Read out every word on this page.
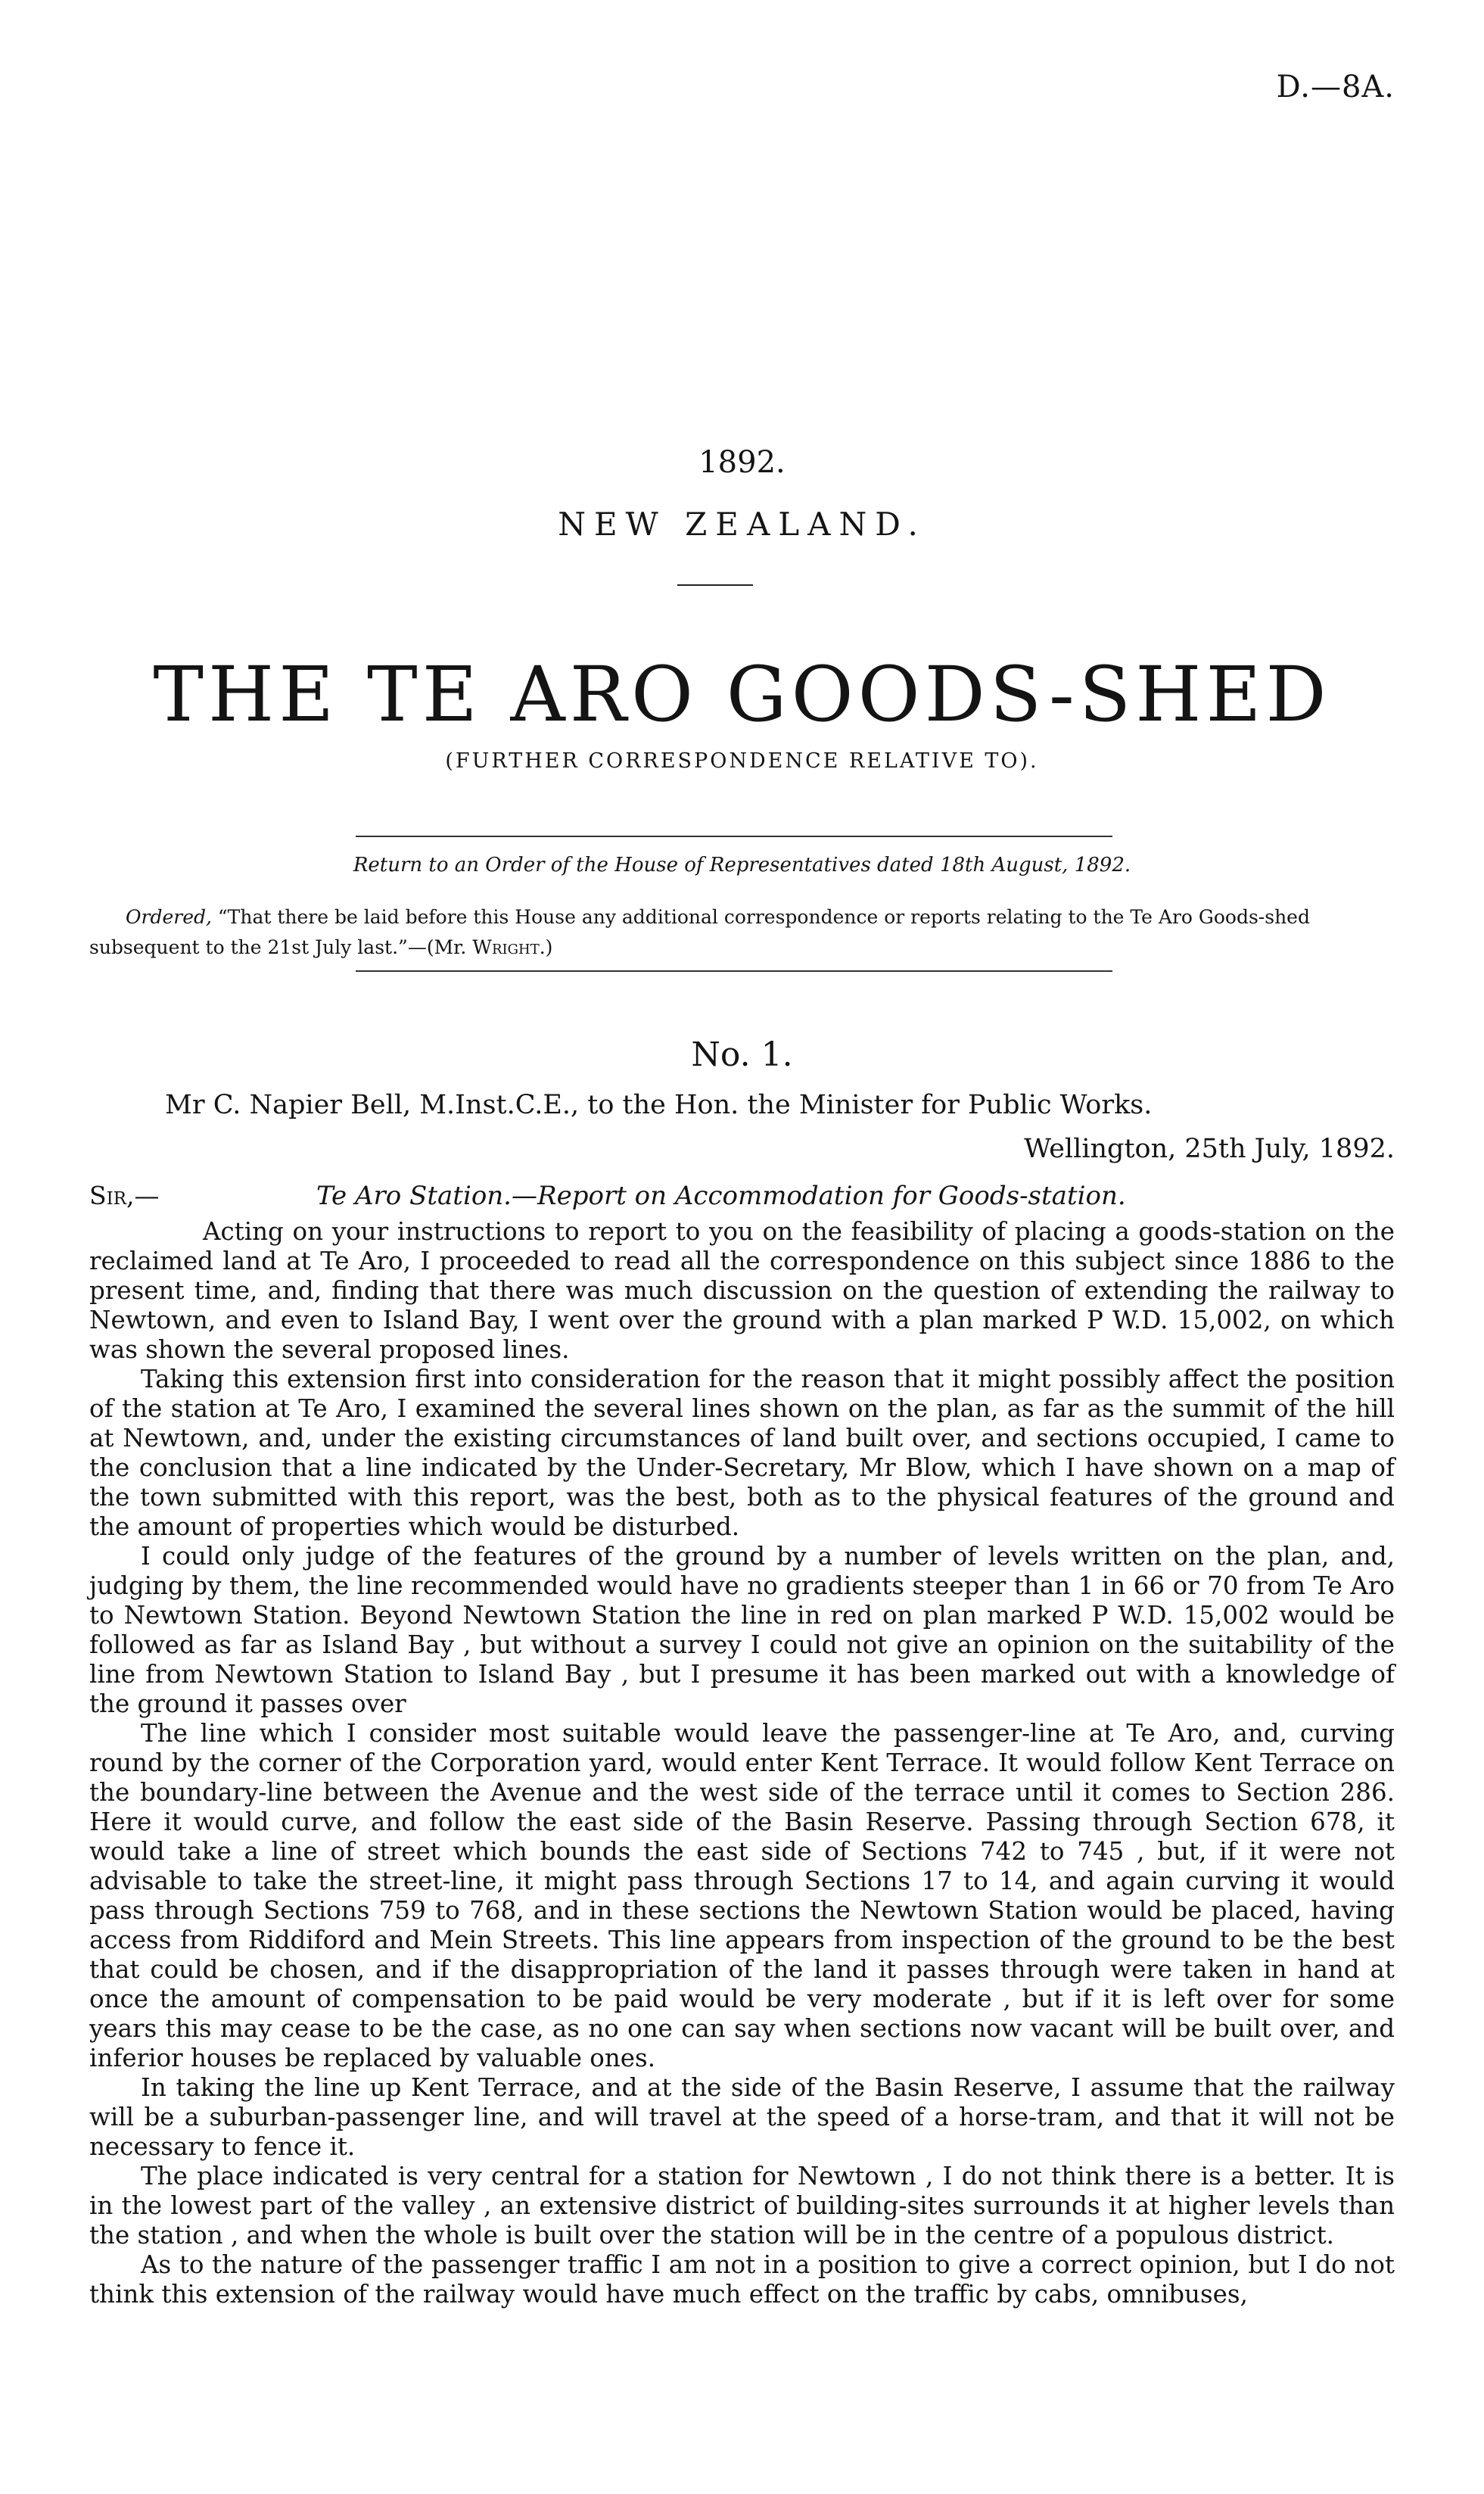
D.—8A.
1892.
NEW ZEALAND.
THE TE ARO GOODS-SHED
(FURTHER CORRESPONDENCE RELATIVE TO).
Return to an Order of the House of Representatives dated 18th August, 1892.
Ordered, “That there be laid before this House any additional correspondence or reports relating to the Te Aro Goods-shed subsequent to the 21st July last.”—(Mr. Wright.)
No. 1.
Mr C. Napier Bell, M.Inst.C.E., to the Hon. the Minister for Public Works.
Wellington, 25th July, 1892.
Sir,—	Te Aro Station.—Report on Accommodation for Goods-station.

Acting on your instructions to report to you on the feasibility of placing a goods-station on the reclaimed land at Te Aro, I proceeded to read all the correspondence on this subject since 1886 to the present time, and, finding that there was much discussion on the question of extending the railway to Newtown, and even to Island Bay, I went over the ground with a plan marked P W.D. 15,002, on which was shown the several proposed lines.

Taking this extension first into consideration for the reason that it might possibly affect the position of the station at Te Aro, I examined the several lines shown on the plan, as far as the summit of the hill at Newtown, and, under the existing circumstances of land built over, and sections occupied, I came to the conclusion that a line indicated by the Under-Secretary, Mr Blow, which I have shown on a map of the town submitted with this report, was the best, both as to the physical features of the ground and the amount of properties which would be disturbed.

I could only judge of the features of the ground by a number of levels written on the plan, and, judging by them, the line recommended would have no gradients steeper than 1 in 66 or 70 from Te Aro to Newtown Station. Beyond Newtown Station the line in red on plan marked P W.D. 15,002 would be followed as far as Island Bay , but without a survey I could not give an opinion on the suitability of the line from Newtown Station to Island Bay , but I presume it has been marked out with a knowledge of the ground it passes over

The line which I consider most suitable would leave the passenger-line at Te Aro, and, curving round by the corner of the Corporation yard, would enter Kent Terrace. It would follow Kent Terrace on the boundary-line between the Avenue and the west side of the terrace until it comes to Section 286. Here it would curve, and follow the east side of the Basin Reserve. Passing through Section 678, it would take a line of street which bounds the east side of Sections 742 to 745 , but, if it were not advisable to take the street-line, it might pass through Sections 17 to 14, and again curving it would pass through Sections 759 to 768, and in these sections the Newtown Station would be placed, having access from Riddiford and Mein Streets. This line appears from inspection of the ground to be the best that could be chosen, and if the disappropriation of the land it passes through were taken in hand at once the amount of compensation to be paid would be very moderate , but if it is left over for some years this may cease to be the case, as no one can say when sections now vacant will be built over, and inferior houses be replaced by valuable ones.

In taking the line up Kent Terrace, and at the side of the Basin Reserve, I assume that the railway will be a suburban-passenger line, and will travel at the speed of a horse-tram, and that it will not be necessary to fence it.

The place indicated is very central for a station for Newtown , I do not think there is a better. It is in the lowest part of the valley , an extensive district of building-sites surrounds it at higher levels than the station , and when the whole is built over the station will be in the centre of a populous district.

As to the nature of the passenger traffic I am not in a position to give a correct opinion, but I do not think this extension of the railway would have much effect on the traffic by cabs, omnibuses,
